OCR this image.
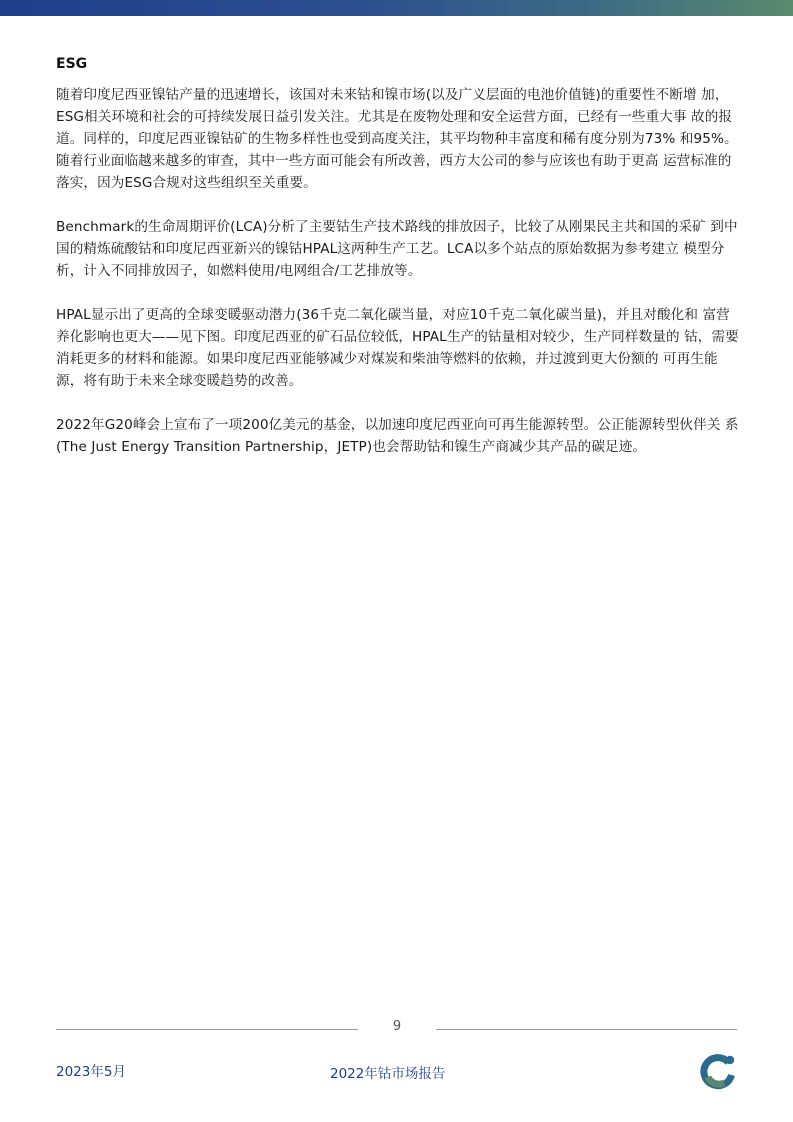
ESG

随着印度尼西亚镍钴产量的迅速增长，该国对未来钴和镍市场(以及广义层面的电池价值链)的重要性不断增 加，ESG相关环境和社会的可持续发展日益引发关注。尤其是在废物处理和安全运营方面，已经有一些重大事 故的报道。同样的，印度尼西亚镍钴矿的生物多样性也受到高度关注，其平均物种丰富度和稀有度分别为73% 和95%。随着行业面临越来越多的审查，其中一些方面可能会有所改善，西方大公司的参与应该也有助于更高 运营标准的落实，因为ESG合规对这些组织至关重要。

Benchmark的生命周期评价(LCA)分析了主要钴生产技术路线的排放因子，比较了从刚果民主共和国的采矿 到中国的精炼硫酸钴和印度尼西亚新兴的镍钴HPAL这两种生产工艺。LCA以多个站点的原始数据为参考建立 模型分析，计入不同排放因子，如燃料使用/电网组合/工艺排放等。

HPAL显示出了更高的全球变暖驱动潜力(36千克二氧化碳当量，对应10千克二氧化碳当量)，并且对酸化和 富营养化影响也更大——见下图。印度尼西亚的矿石品位较低，HPAL生产的钴量相对较少，生产同样数量的 钴，需要消耗更多的材料和能源。如果印度尼西亚能够减少对煤炭和柴油等燃料的依赖，并过渡到更大份额的 可再生能源，将有助于未来全球变暖趋势的改善。

2022年G20峰会上宣布了一项200亿美元的基金，以加速印度尼西亚向可再生能源转型。公正能源转型伙伴关 系(The Just Energy Transition Partnership，JETP)也会帮助钴和镍生产商减少其产品的碳足迹。

9
2023年5月	2022年钴市场报告
